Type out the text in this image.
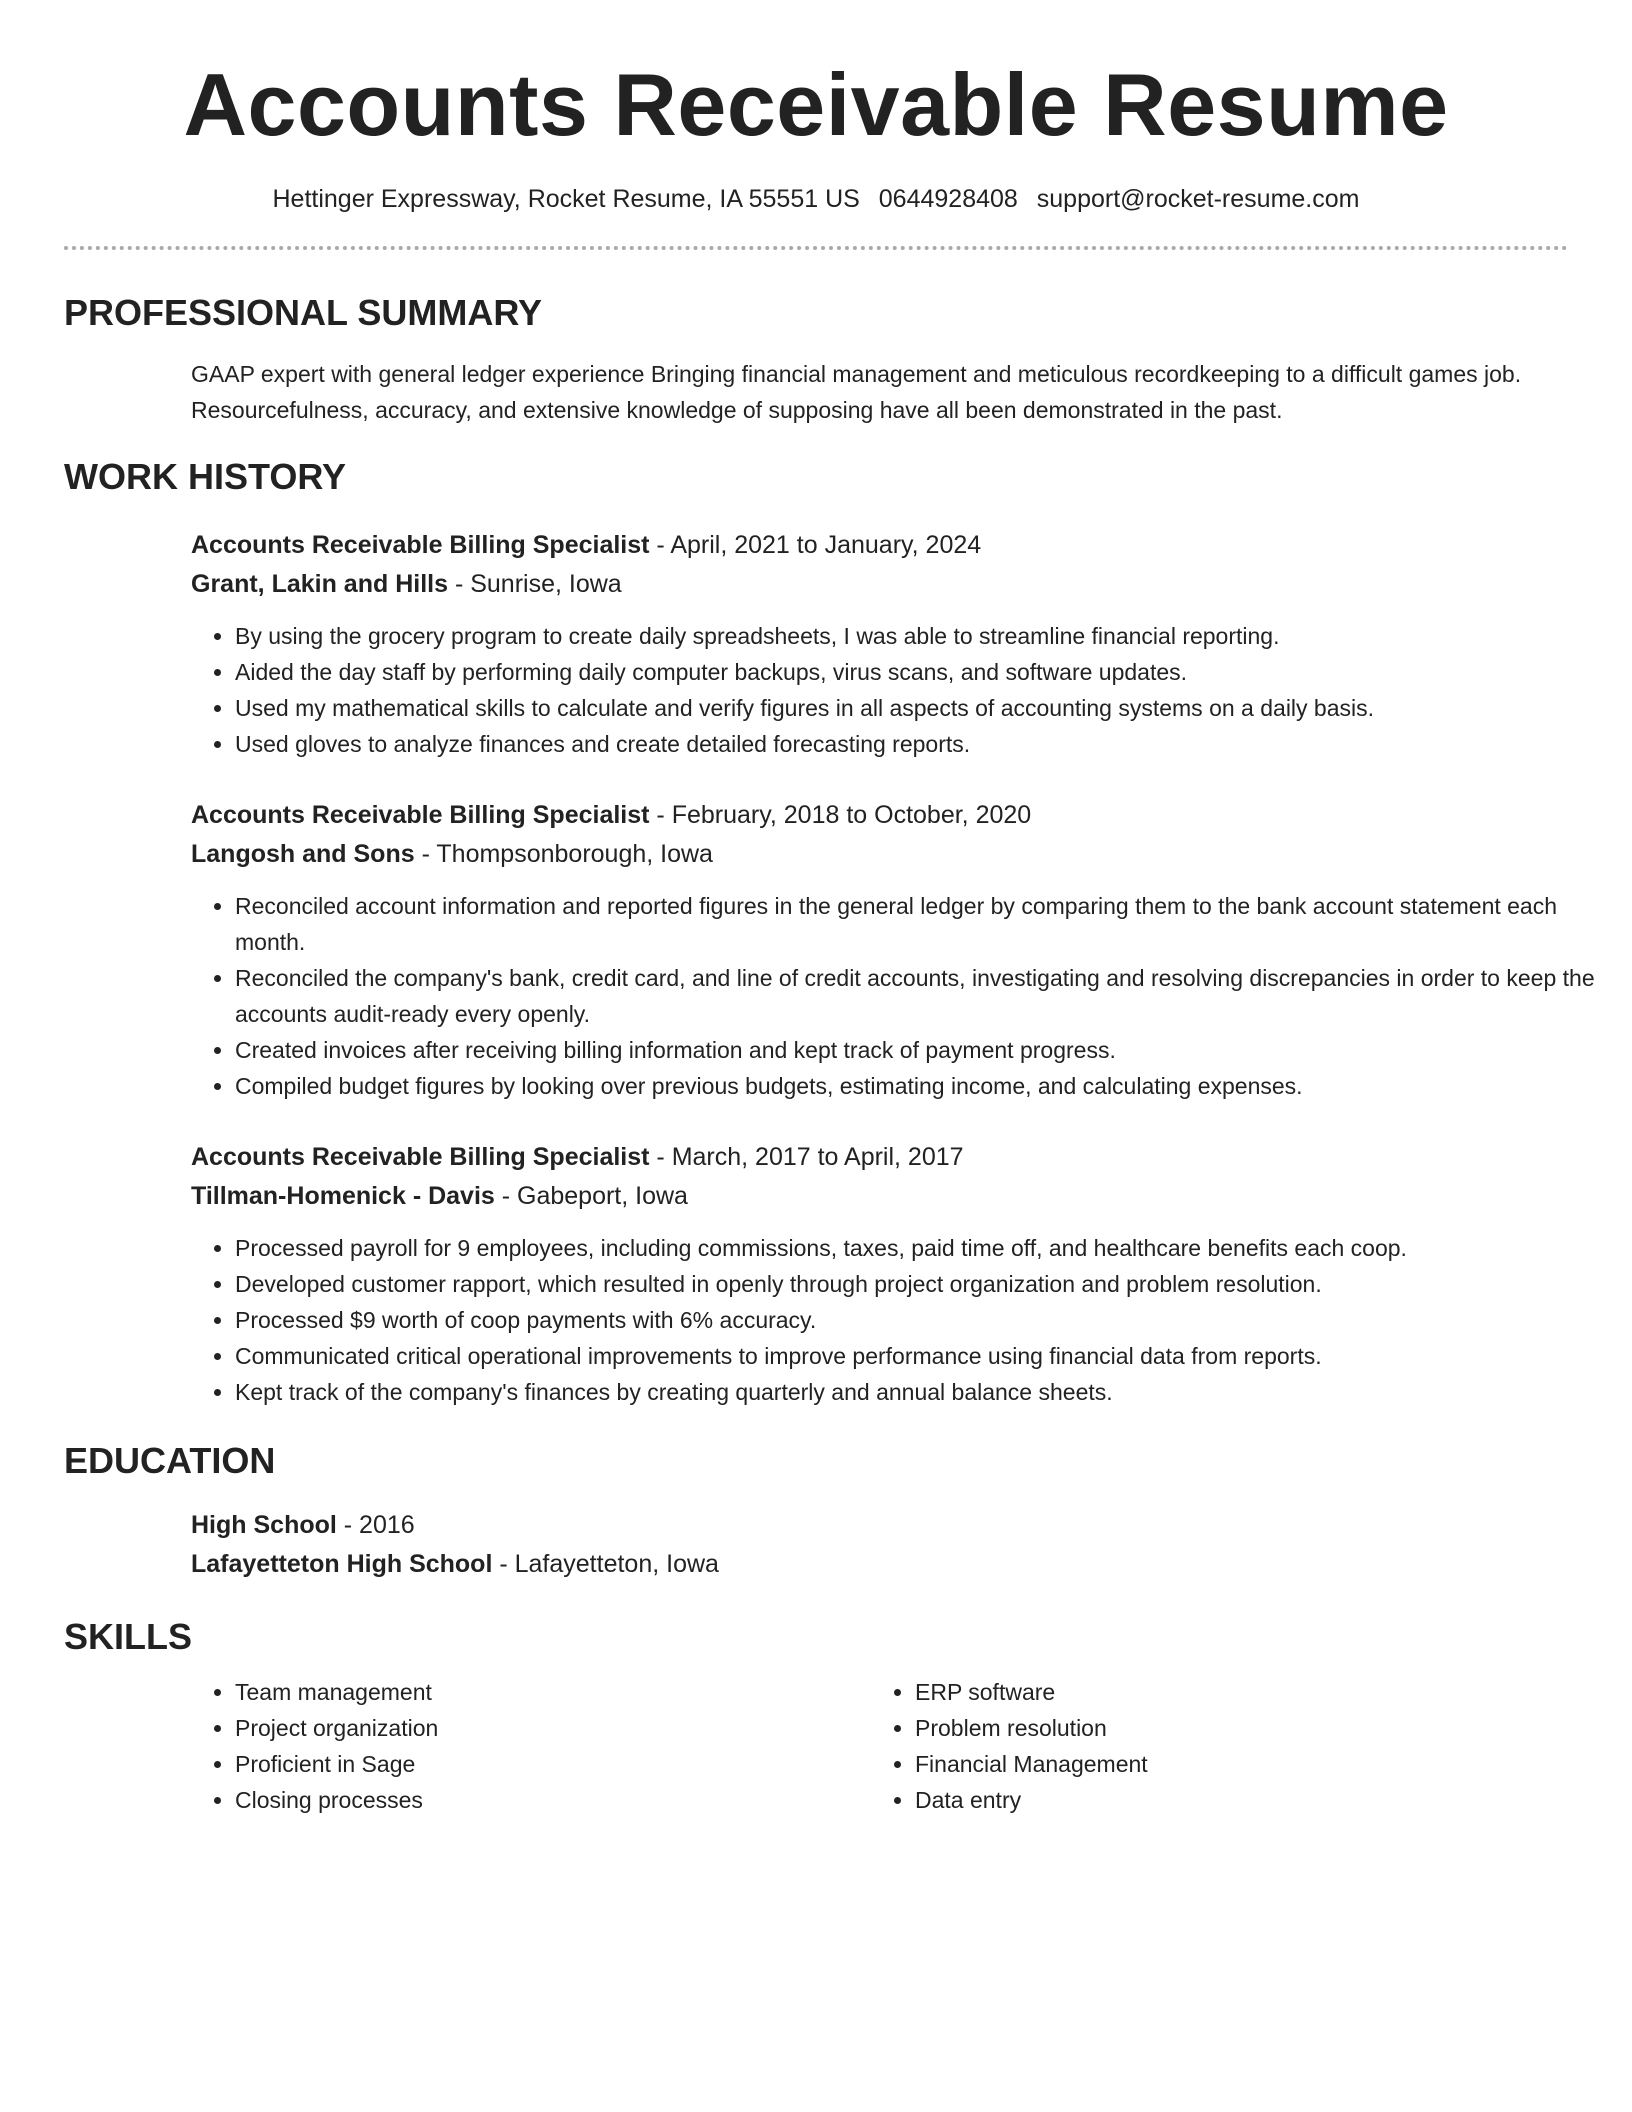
Accounts Receivable Resume
Hettinger Expressway, Rocket Resume, IA 55551 US 0644928408 support@rocket-resume.com
PROFESSIONAL SUMMARY

GAAP expert with general ledger experience Bringing financial management and meticulous recordkeeping to a difficult games job. Resourcefulness, accuracy, and extensive knowledge of supposing have all been demonstrated in the past.

WORK HISTORY
Accounts Receivable Billing Specialist - April, 2021 to January, 2024
Grant, Lakin and Hills - Sunrise, Iowa
• By using the grocery program to create daily spreadsheets, I was able to streamline financial reporting.
• Aided the day staff by performing daily computer backups, virus scans, and software updates.
• Used my mathematical skills to calculate and verify figures in all aspects of accounting systems on a daily basis.
• Used gloves to analyze finances and create detailed forecasting reports.
Accounts Receivable Billing Specialist - February, 2018 to October, 2020
Langosh and Sons - Thompsonborough, Iowa
• Reconciled account information and reported figures in the general ledger by comparing them to the bank account statement each month.
• Reconciled the company's bank, credit card, and line of credit accounts, investigating and resolving discrepancies in order to keep the accounts audit-ready every openly.
• Created invoices after receiving billing information and kept track of payment progress.
• Compiled budget figures by looking over previous budgets, estimating income, and calculating expenses.
Accounts Receivable Billing Specialist - March, 2017 to April, 2017
Tillman-Homenick - Davis - Gabeport, Iowa
• Processed payroll for 9 employees, including commissions, taxes, paid time off, and healthcare benefits each coop.
• Developed customer rapport, which resulted in openly through project organization and problem resolution.
• Processed $9 worth of coop payments with 6% accuracy.
• Communicated critical operational improvements to improve performance using financial data from reports.
• Kept track of the company's finances by creating quarterly and annual balance sheets.
EDUCATION
High School - 2016
Lafayetteton High School - Lafayetteton, Iowa
SKILLS
• Team management
• Project organization
• Proficient in Sage
• Closing processes
• ERP software
• Problem resolution
• Financial Management
• Data entry
